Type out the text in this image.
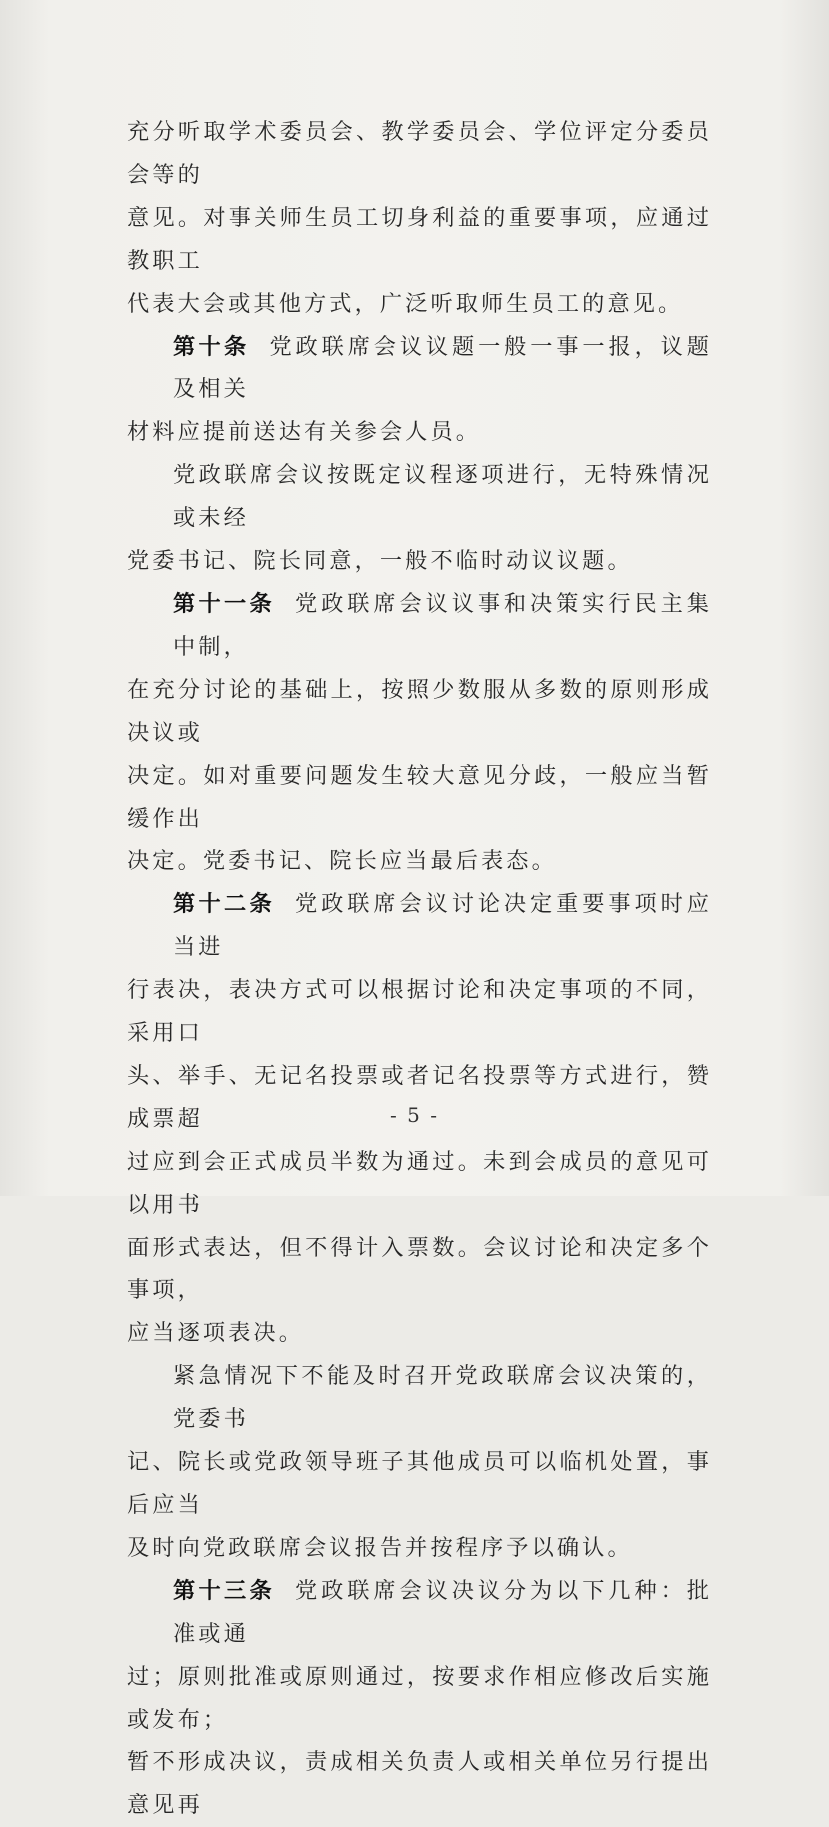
充分听取学术委员会、教学委员会、学位评定分委员会等的
意见。对事关师生员工切身利益的重要事项，应通过教职工
代表大会或其他方式，广泛听取师生员工的意见。

第十条 党政联席会议议题一般一事一报，议题及相关
材料应提前送达有关参会人员。

党政联席会议按既定议程逐项进行，无特殊情况或未经
党委书记、院长同意，一般不临时动议议题。

第十一条 党政联席会议议事和决策实行民主集中制，
在充分讨论的基础上，按照少数服从多数的原则形成决议或
决定。如对重要问题发生较大意见分歧，一般应当暂缓作出
决定。党委书记、院长应当最后表态。

第十二条 党政联席会议讨论决定重要事项时应当进
行表决，表决方式可以根据讨论和决定事项的不同，采用口
头、举手、无记名投票或者记名投票等方式进行，赞成票超
过应到会正式成员半数为通过。未到会成员的意见可以用书
面形式表达，但不得计入票数。会议讨论和决定多个事项，
应当逐项表决。

紧急情况下不能及时召开党政联席会议决策的，党委书
记、院长或党政领导班子其他成员可以临机处置，事后应当
及时向党政联席会议报告并按程序予以确认。

第十三条 党政联席会议决议分为以下几种：批准或通
过；原则批准或原则通过，按要求作相应修改后实施或发布；
暂不形成决议，责成相关负责人或相关单位另行提出意见再

- 5 -
